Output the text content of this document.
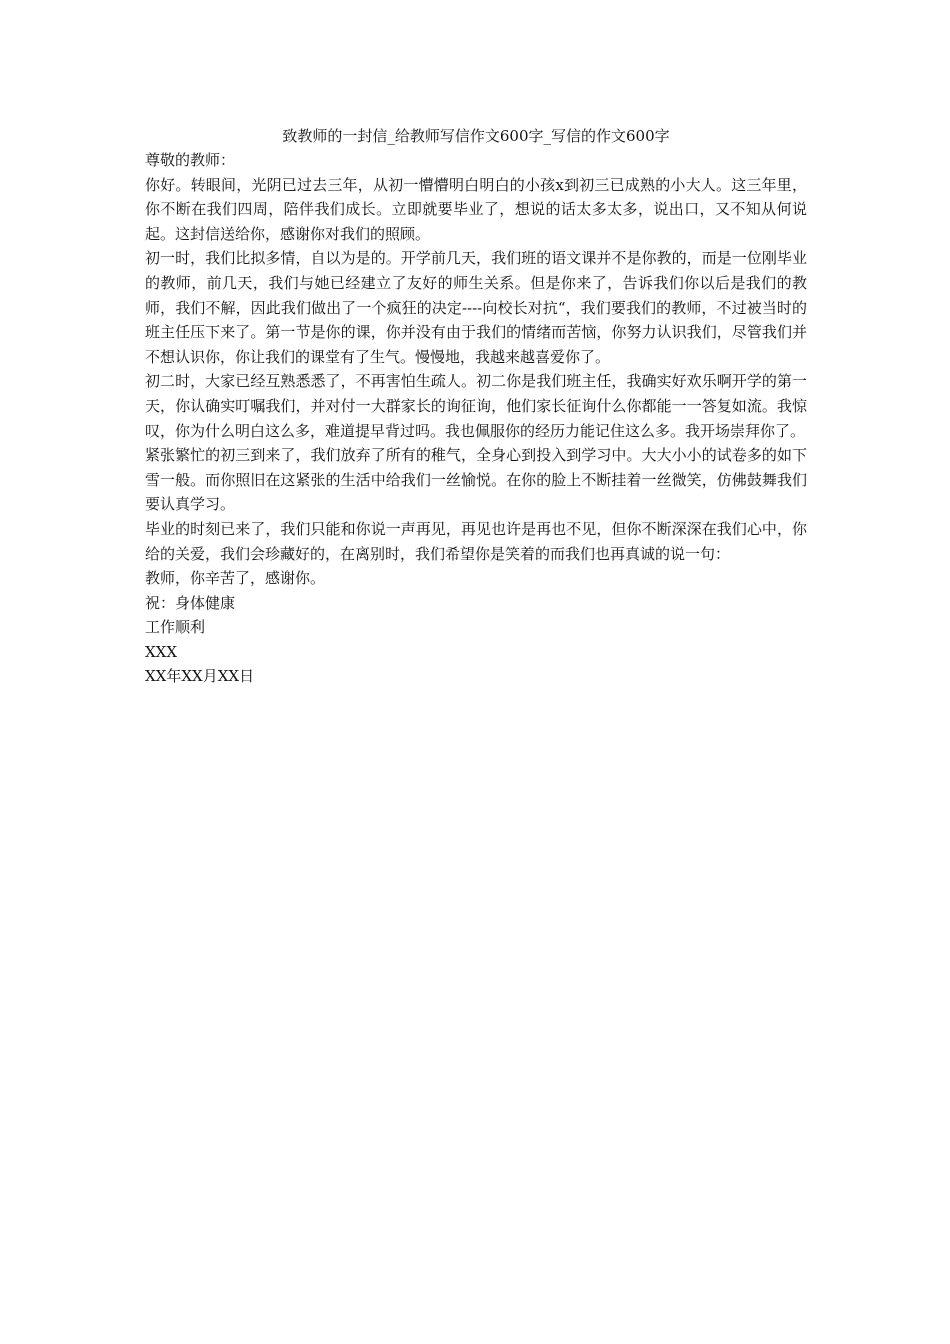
致教师的一封信_给教师写信作文600字_写信的作文600字

尊敬的教师：

你好。转眼间，光阴已过去三年，从初一懵懵明白明白的小孩x到初三已成熟的小大人。这三年里，你不断在我们四周，陪伴我们成长。立即就要毕业了，想说的话太多太多，说出口，又不知从何说起。这封信送给你，感谢你对我们的照顾。

初一时，我们比拟多情，自以为是的。开学前几天，我们班的语文课并不是你教的，而是一位刚毕业的教师，前几天，我们与她已经建立了友好的师生关系。但是你来了，告诉我们你以后是我们的教师，我们不解，因此我们做出了一个疯狂的决定----向校长对抗“，我们要我们的教师，不过被当时的班主任压下来了。第一节是你的课，你并没有由于我们的情绪而苦恼，你努力认识我们，尽管我们并不想认识你，你让我们的课堂有了生气。慢慢地，我越来越喜爱你了。

初二时，大家已经互熟悉悉了，不再害怕生疏人。初二你是我们班主任，我确实好欢乐啊开学的第一天，你认确实叮嘱我们，并对付一大群家长的询征询，他们家长征询什么你都能一一答复如流。我惊叹，你为什么明白这么多，难道提早背过吗。我也佩服你的经历力能记住这么多。我开场崇拜你了。

紧张繁忙的初三到来了，我们放弃了所有的稚气，全身心到投入到学习中。大大小小的试卷多的如下雪一般。而你照旧在这紧张的生活中给我们一丝愉悦。在你的脸上不断挂着一丝微笑，仿佛鼓舞我们要认真学习。

毕业的时刻已来了，我们只能和你说一声再见，再见也许是再也不见，但你不断深深在我们心中，你给的关爱，我们会珍藏好的，在离别时，我们希望你是笑着的而我们也再真诚的说一句：

教师，你辛苦了，感谢你。

祝：身体健康

工作顺利

XXX

XX年XX月XX日
